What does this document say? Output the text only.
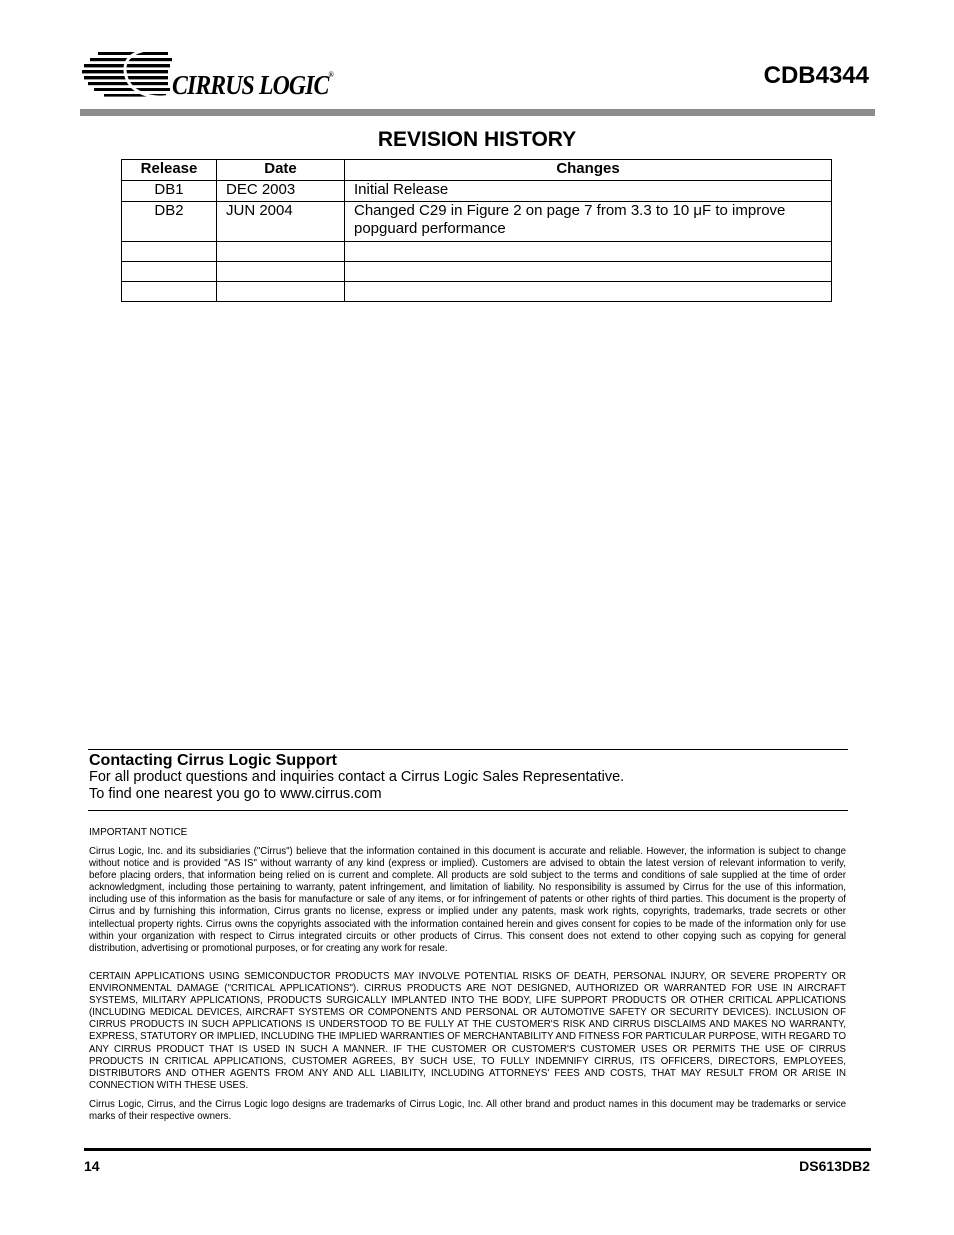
CIRRUS LOGIC®	CDB4344
REVISION HISTORY
Release	Date	Changes
DB1	DEC 2003	Initial Release
DB2	JUN 2004	Changed C29 in Figure 2 on page 7 from 3.3 to 10 μF to improve popguard performance

Contacting Cirrus Logic Support
For all product questions and inquiries contact a Cirrus Logic Sales Representative.
To find one nearest you go to www.cirrus.com
IMPORTANT NOTICE
Cirrus Logic, Inc. and its subsidiaries ("Cirrus") believe that the information contained in this document is accurate and reliable. However, the information is subject to change without notice and is provided "AS IS" without warranty of any kind (express or implied). Customers are advised to obtain the latest version of relevant information to verify, before placing orders, that information being relied on is current and complete. All products are sold subject to the terms and conditions of sale supplied at the time of order acknowledgment, including those pertaining to warranty, patent infringement, and limitation of liability. No responsibility is assumed by Cirrus for the use of this information, including use of this information as the basis for manufacture or sale of any items, or for infringement of patents or other rights of third parties. This document is the property of Cirrus and by furnishing this information, Cirrus grants no license, express or implied under any patents, mask work rights, copyrights, trademarks, trade secrets or other intellectual property rights. Cirrus owns the copyrights associated with the information contained herein and gives consent for copies to be made of the information only for use within your organization with respect to Cirrus integrated circuits or other products of Cirrus. This consent does not extend to other copying such as copying for general distribution, advertising or promotional purposes, or for creating any work for resale.
CERTAIN APPLICATIONS USING SEMICONDUCTOR PRODUCTS MAY INVOLVE POTENTIAL RISKS OF DEATH, PERSONAL INJURY, OR SEVERE PROPERTY OR ENVIRONMENTAL DAMAGE ("CRITICAL APPLICATIONS"). CIRRUS PRODUCTS ARE NOT DESIGNED, AUTHORIZED OR WARRANTED FOR USE IN AIRCRAFT SYSTEMS, MILITARY APPLICATIONS, PRODUCTS SURGICALLY IMPLANTED INTO THE BODY, LIFE SUPPORT PRODUCTS OR OTHER CRITICAL APPLICATIONS (INCLUDING MEDICAL DEVICES, AIRCRAFT SYSTEMS OR COMPONENTS AND PERSONAL OR AUTOMOTIVE SAFETY OR SECURITY DEVICES). INCLUSION OF CIRRUS PRODUCTS IN SUCH APPLICATIONS IS UNDERSTOOD TO BE FULLY AT THE CUSTOMER'S RISK AND CIRRUS DISCLAIMS AND MAKES NO WARRANTY, EXPRESS, STATUTORY OR IMPLIED, INCLUDING THE IMPLIED WARRANTIES OF MERCHANTABILITY AND FITNESS FOR PARTICULAR PURPOSE, WITH REGARD TO ANY CIRRUS PRODUCT THAT IS USED IN SUCH A MANNER. IF THE CUSTOMER OR CUSTOMER'S CUSTOMER USES OR PERMITS THE USE OF CIRRUS PRODUCTS IN CRITICAL APPLICATIONS, CUSTOMER AGREES, BY SUCH USE, TO FULLY INDEMNIFY CIRRUS, ITS OFFICERS, DIRECTORS, EMPLOYEES, DISTRIBUTORS AND OTHER AGENTS FROM ANY AND ALL LIABILITY, INCLUDING ATTORNEYS' FEES AND COSTS, THAT MAY RESULT FROM OR ARISE IN CONNECTION WITH THESE USES.
Cirrus Logic, Cirrus, and the Cirrus Logic logo designs are trademarks of Cirrus Logic, Inc. All other brand and product names in this document may be trademarks or service marks of their respective owners.
14	DS613DB2
